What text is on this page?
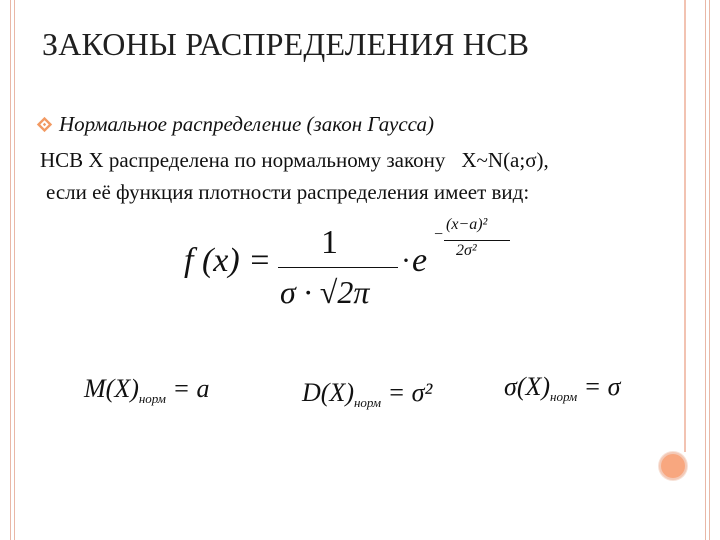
ЗАКОНЫ РАСПРЕДЕЛЕНИЯ НСВ
Нормальное распределение (закон Гаусса)
НСВ Х распределена по нормальному закону X~N(a;σ),
если её функция плотности распределения имеет вид:
f (x) = 1
σ · √2π
· e
−
(x−a)²
2σ²
$M(X)_{норм} = a$	$D(X)_{норм} = \sigma^2$	$\sigma(X)_{норм} = \sigma$
